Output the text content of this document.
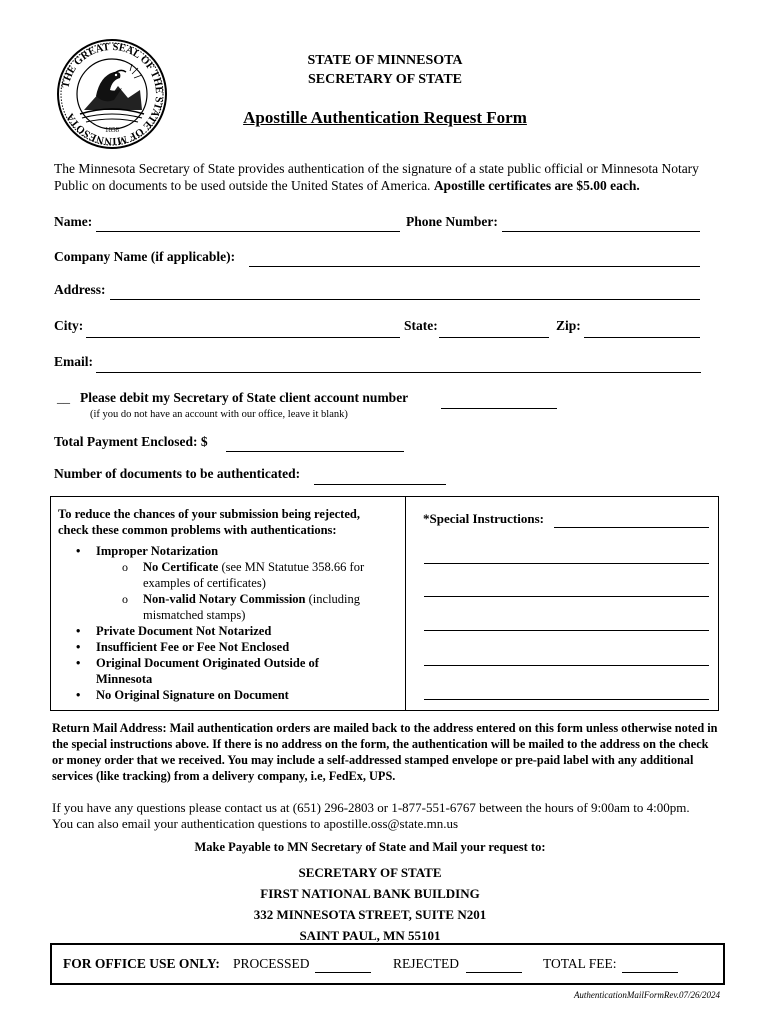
THE GREAT SEAL OF THE STATE OF MINNESOTA
1858
STATE OF MINNESOTA
SECRETARY OF STATE
Apostille Authentication Request Form
The Minnesota Secretary of State provides authentication of the signature of a state public official or Minnesota Notary Public on documents to be used outside the United States of America. Apostille certificates are $5.00 each.
Name:	Phone Number:
Company Name (if applicable):
Address:
City:	State:	Zip:
Email:
__ Please debit my Secretary of State client account number
(if you do not have an account with our office, leave it blank)
Total Payment Enclosed: $
Number of documents to be authenticated:
To reduce the chances of your submission being rejected,
check these common problems with authentications:
• Improper Notarization
o No Certificate (see MN Statutue 358.66 for examples of certificates)
o Non-valid Notary Commission (including mismatched stamps)
• Private Document Not Notarized
• Insufficient Fee or Fee Not Enclosed
• Original Document Originated Outside of Minnesota
• No Original Signature on Document
*Special Instructions:
Return Mail Address: Mail authentication orders are mailed back to the address entered on this form unless otherwise noted in the special instructions above. If there is no address on the form, the authentication will be mailed to the address on the check or money order that we received. You may include a self-addressed stamped envelope or pre-paid label with any additional services (like tracking) from a delivery company, i.e, FedEx, UPS.
If you have any questions please contact us at (651) 296-2803 or 1-877-551-6767 between the hours of 9:00am to 4:00pm.
You can also email your authentication questions to apostille.oss@state.mn.us
Make Payable to MN Secretary of State and Mail your request to:
SECRETARY OF STATE
FIRST NATIONAL BANK BUILDING
332 MINNESOTA STREET, SUITE N201
SAINT PAUL, MN 55101
FOR OFFICE USE ONLY: PROCESSED	REJECTED	TOTAL FEE:
AuthenticationMailFormRev.07/26/2024
